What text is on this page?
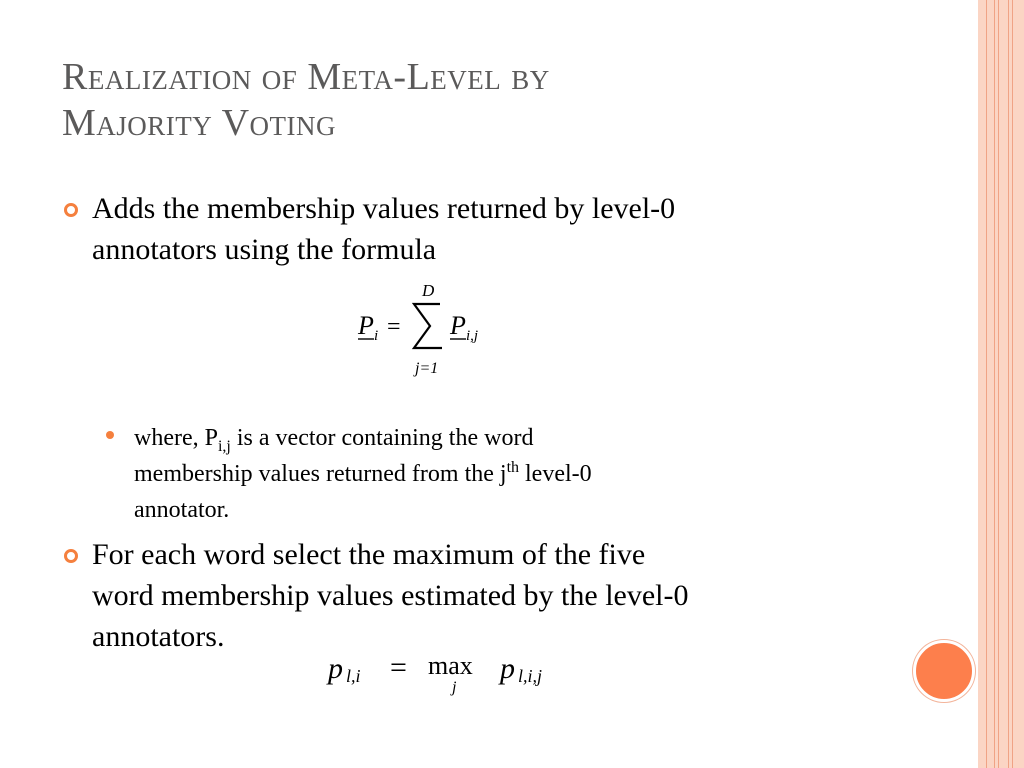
Realization of Meta-Level by
Majority Voting
Adds the membership values returned by level-0
annotators using the formula
P i =
D
j=1
P i,j
where, $P_{i,j}$ is a vector containing the word
membership values returned from the $j^{th}$ level-0
annotator.
For each word select the maximum of the five
word membership values estimated by the level-0
annotators.
p l,i = max
j
p l,i,j
